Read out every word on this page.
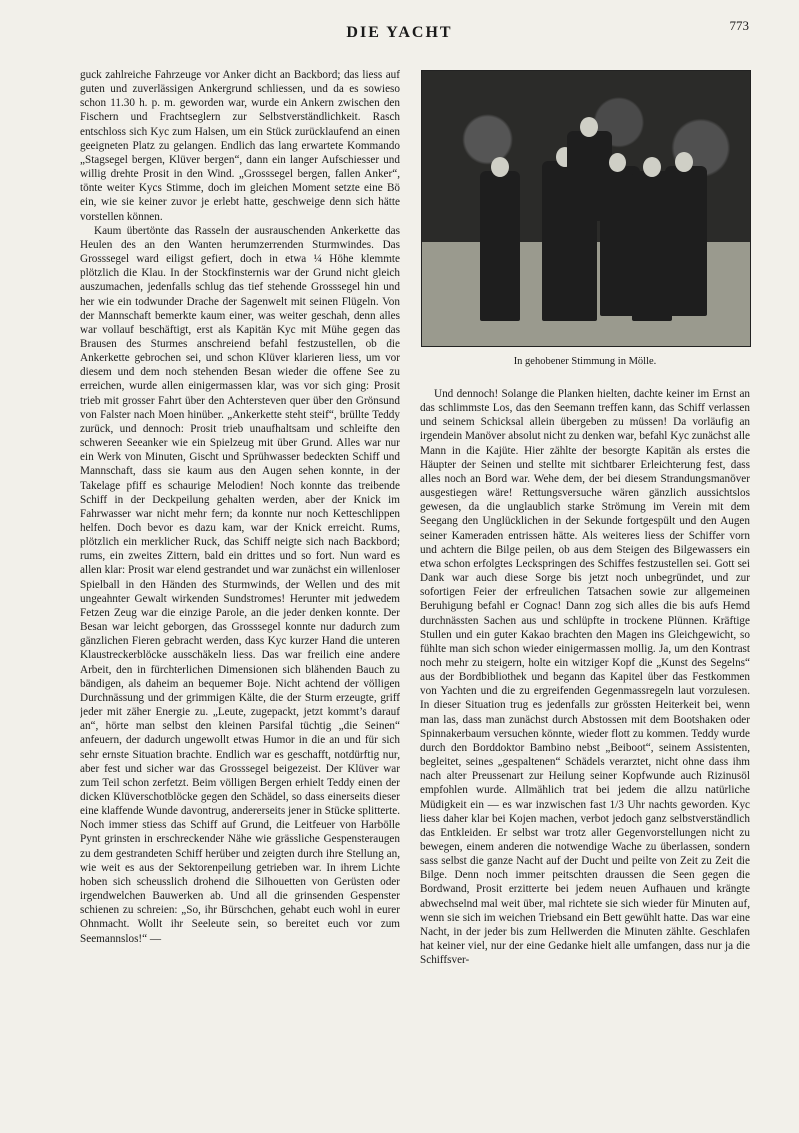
DIE YACHT	773

guck zahlreiche Fahrzeuge vor Anker dicht an Backbord; das liess auf guten und zuverlässigen Ankergrund schliessen, und da es sowieso schon 11.30 h. p. m. geworden war, wurde ein Ankern zwischen den Fischern und Frachtseglern zur Selbstverständlichkeit. Rasch entschloss sich Kyc zum Halsen, um ein Stück zurücklaufend an einen geeigneten Platz zu gelangen. Endlich das lang erwartete Kommando „Stagsegel bergen, Klüver bergen“, dann ein langer Aufschiesser und willig drehte Prosit in den Wind. „Grosssegel bergen, fallen Anker“, tönte weiter Kycs Stimme, doch im gleichen Moment setzte eine Bö ein, wie sie keiner zuvor je erlebt hatte, geschweige denn sich hätte vorstellen können.

Kaum übertönte das Rasseln der ausrauschenden Ankerkette das Heulen des an den Wanten herumzerrenden Sturmwindes. Das Grosssegel ward eiligst gefiert, doch in etwa ¼ Höhe klemmte plötzlich die Klau. In der Stockfinsternis war der Grund nicht gleich auszumachen, jedenfalls schlug das tief stehende Grosssegel hin und her wie ein todwunder Drache der Sagenwelt mit seinen Flügeln. Von der Mannschaft bemerkte kaum einer, was weiter geschah, denn alles war vollauf beschäftigt, erst als Kapitän Kyc mit Mühe gegen das Brausen des Sturmes anschreiend befahl festzustellen, ob die Ankerkette gebrochen sei, und schon Klüver klarieren liess, um vor diesem und dem noch stehenden Besan wieder die offene See zu erreichen, wurde allen einigermassen klar, was vor sich ging: Prosit trieb mit grosser Fahrt über den Achtersteven quer über den Grönsund von Falster nach Moen hinüber. „Ankerkette steht steif“, brüllte Teddy zurück, und dennoch: Prosit trieb unaufhaltsam und schleifte den schweren Seeanker wie ein Spielzeug mit über Grund. Alles war nur ein Werk von Minuten, Gischt und Sprühwasser bedeckten Schiff und Mannschaft, dass sie kaum aus den Augen sehen konnte, in der Takelage pfiff es schaurige Melodien! Noch konnte das treibende Schiff in der Deckpeilung gehalten werden, aber der Knick im Fahrwasser war nicht mehr fern; da konnte nur noch Ketteschlippen helfen. Doch bevor es dazu kam, war der Knick erreicht. Rums, plötzlich ein merklicher Ruck, das Schiff neigte sich nach Backbord; rums, ein zweites Zittern, bald ein drittes und so fort. Nun ward es allen klar: Prosit war elend gestrandet und war zunächst ein willenloser Spielball in den Händen des Sturmwinds, der Wellen und des mit ungeahnter Gewalt wirkenden Sundstromes! Herunter mit jedwedem Fetzen Zeug war die einzige Parole, an die jeder denken konnte. Der Besan war leicht geborgen, das Grosssegel konnte nur dadurch zum gänzlichen Fieren gebracht werden, dass Kyc kurzer Hand die unteren Klaustreckerblöcke ausschäkeln liess. Das war freilich eine andere Arbeit, den in fürchterlichen Dimensionen sich blähenden Bauch zu bändigen, als daheim an bequemer Boje. Nicht achtend der völligen Durchnässung und der grimmigen Kälte, die der Sturm erzeugte, griff jeder mit zäher Energie zu. „Leute, zugepackt, jetzt kommt’s darauf an“, hörte man selbst den kleinen Parsifal tüchtig „die Seinen“ anfeuern, der dadurch ungewollt etwas Humor in die an und für sich sehr ernste Situation brachte. Endlich war es geschafft, notdürftig nur, aber fest und sicher war das Grosssegel beigezeist. Der Klüver war zum Teil schon zerfetzt. Beim völligen Bergen erhielt Teddy einen der dicken Klüverschotblöcke gegen den Schädel, so dass einerseits dieser eine klaffende Wunde davontrug, andererseits jener in Stücke splitterte. Noch immer stiess das Schiff auf Grund, die Leitfeuer von Harbölle Pynt grinsten in erschreckender Nähe wie grässliche Gespensteraugen zu dem gestrandeten Schiff herüber und zeigten durch ihre Stellung an, wie weit es aus der Sektorenpeilung getrieben war. In ihrem Lichte hoben sich scheusslich drohend die Silhouetten von Gerüsten oder irgendwelchen Bauwerken ab. Und all die grinsenden Gespenster schienen zu schreien: „So, ihr Bürschchen, gehabt euch wohl in eurer Ohnmacht. Wollt ihr Seeleute sein, so bereitet euch vor zum Seemannslos!“ —

In gehobener Stimmung in Mölle.

Und dennoch! Solange die Planken hielten, dachte keiner im Ernst an das schlimmste Los, das den Seemann treffen kann, das Schiff verlassen und seinem Schicksal allein übergeben zu müssen! Da vorläufig an irgendein Manöver absolut nicht zu denken war, befahl Kyc zunächst alle Mann in die Kajüte. Hier zählte der besorgte Kapitän als erstes die Häupter der Seinen und stellte mit sichtbarer Erleichterung fest, dass alles noch an Bord war. Wehe dem, der bei diesem Strandungsmanöver ausgestiegen wäre! Rettungsversuche wären gänzlich aussichtslos gewesen, da die unglaublich starke Strömung im Verein mit dem Seegang den Unglücklichen in der Sekunde fortgespült und den Augen seiner Kameraden entrissen hätte. Als weiteres liess der Schiffer vorn und achtern die Bilge peilen, ob aus dem Steigen des Bilgewassers ein etwa schon erfolgtes Leckspringen des Schiffes festzustellen sei. Gott sei Dank war auch diese Sorge bis jetzt noch unbegründet, und zur sofortigen Feier der erfreulichen Tatsachen sowie zur allgemeinen Beruhigung befahl er Cognac! Dann zog sich alles die bis aufs Hemd durchnässten Sachen aus und schlüpfte in trockene Plünnen. Kräftige Stullen und ein guter Kakao brachten den Magen ins Gleichgewicht, so fühlte man sich schon wieder einigermassen mollig. Ja, um den Kontrast noch mehr zu steigern, holte ein witziger Kopf die „Kunst des Segelns“ aus der Bordbibliothek und begann das Kapitel über das Festkommen von Yachten und die zu ergreifenden Gegenmassregeln laut vorzulesen. In dieser Situation trug es jedenfalls zur grössten Heiterkeit bei, wenn man las, dass man zunächst durch Abstossen mit dem Bootshaken oder Spinnakerbaum versuchen könnte, wieder flott zu kommen. Teddy wurde durch den Borddoktor Bambino nebst „Beiboot“, seinem Assistenten, begleitet, seines „gespaltenen“ Schädels verarztet, nicht ohne dass ihm nach alter Preussenart zur Heilung seiner Kopfwunde auch Rizinusöl empfohlen wurde. Allmählich trat bei jedem die allzu natürliche Müdigkeit ein — es war inzwischen fast 1/3 Uhr nachts geworden. Kyc liess daher klar bei Kojen machen, verbot jedoch ganz selbstverständlich das Entkleiden. Er selbst war trotz aller Gegenvorstellungen nicht zu bewegen, einem anderen die notwendige Wache zu überlassen, sondern sass selbst die ganze Nacht auf der Ducht und peilte von Zeit zu Zeit die Bilge. Denn noch immer peitschten draussen die Seen gegen die Bordwand, Prosit erzitterte bei jedem neuen Aufhauen und krängte abwechselnd mal weit über, mal richtete sie sich wieder für Minuten auf, wenn sie sich im weichen Triebsand ein Bett gewühlt hatte. Das war eine Nacht, in der jeder bis zum Hellwerden die Minuten zählte. Geschlafen hat keiner viel, nur der eine Gedanke hielt alle umfangen, dass nur ja die Schiffsver-
